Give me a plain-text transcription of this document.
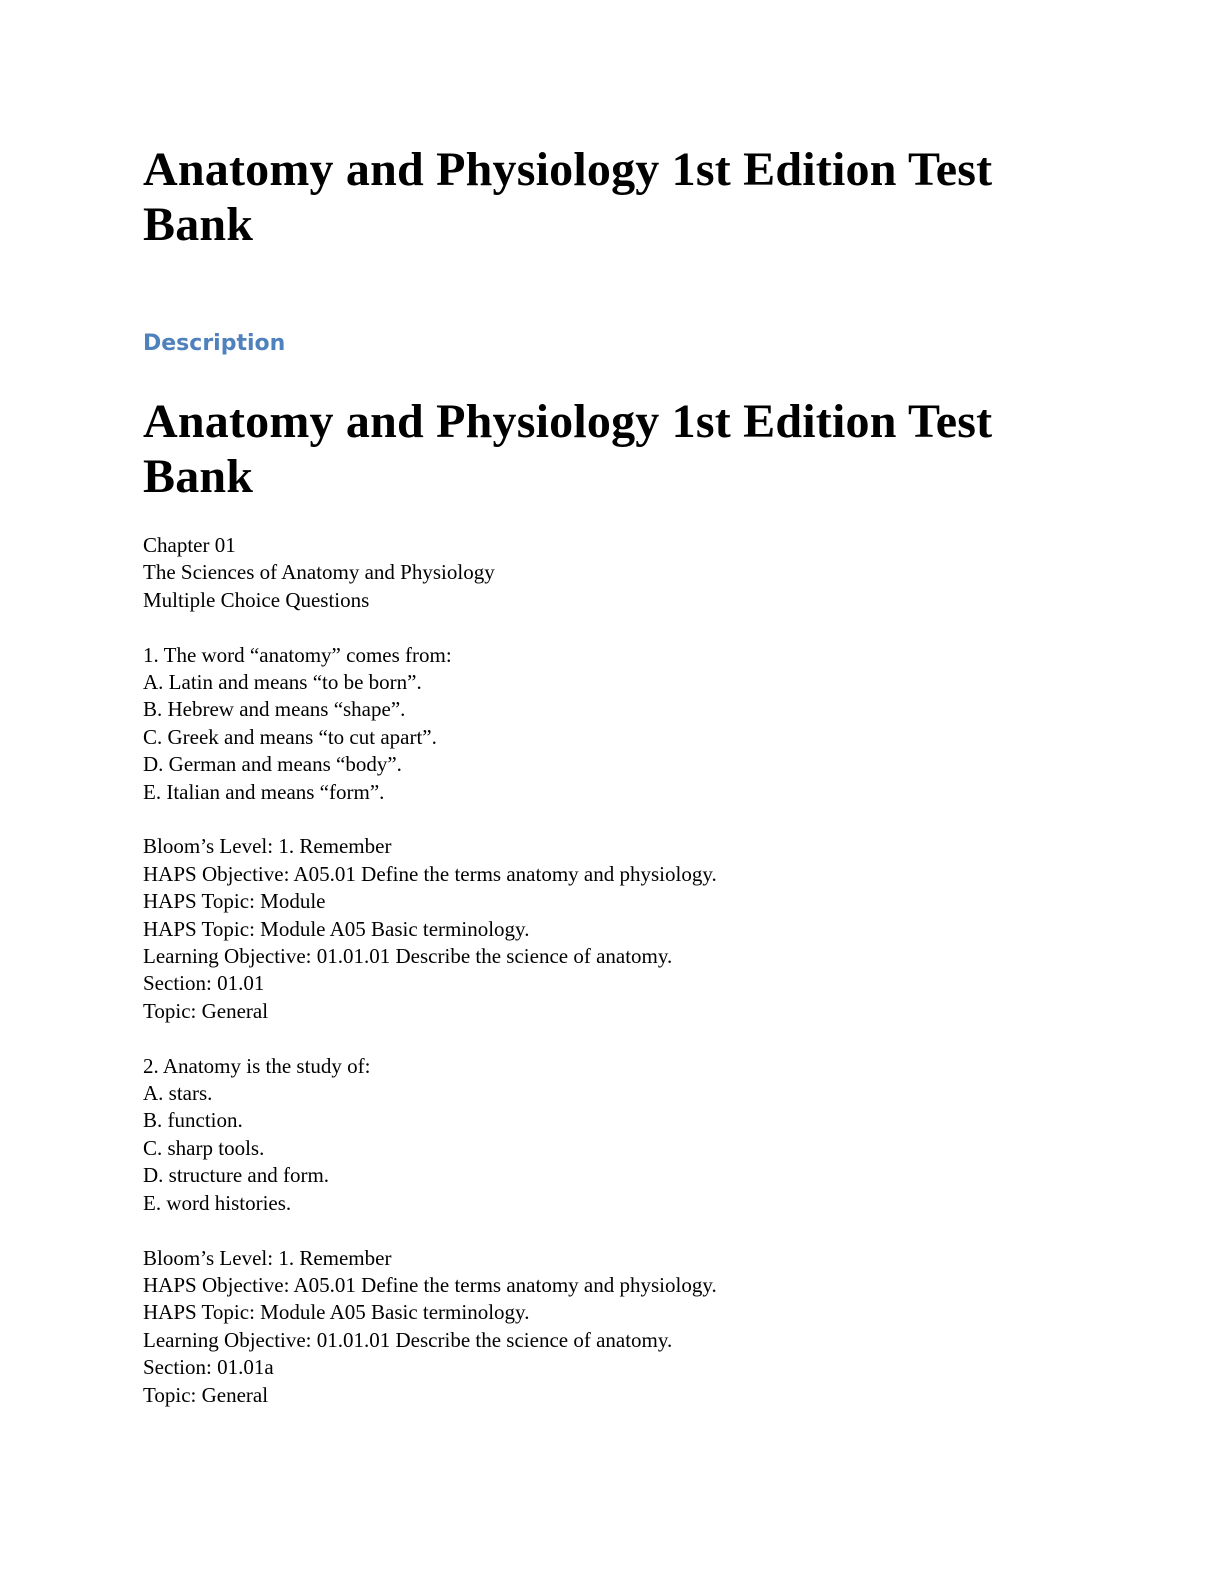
Anatomy and Physiology 1st Edition Test
Bank
Description
Anatomy and Physiology 1st Edition Test
Bank
Chapter 01
The Sciences of Anatomy and Physiology
Multiple Choice Questions
1. The word “anatomy” comes from:
A. Latin and means “to be born”.
B. Hebrew and means “shape”.
C. Greek and means “to cut apart”.
D. German and means “body”.
E. Italian and means “form”.
Bloom’s Level: 1. Remember
HAPS Objective: A05.01 Define the terms anatomy and physiology.
HAPS Topic: Module
HAPS Topic: Module A05 Basic terminology.
Learning Objective: 01.01.01 Describe the science of anatomy.
Section: 01.01
Topic: General
2. Anatomy is the study of:
A. stars.
B. function.
C. sharp tools.
D. structure and form.
E. word histories.
Bloom’s Level: 1. Remember
HAPS Objective: A05.01 Define the terms anatomy and physiology.
HAPS Topic: Module A05 Basic terminology.
Learning Objective: 01.01.01 Describe the science of anatomy.
Section: 01.01a
Topic: General
